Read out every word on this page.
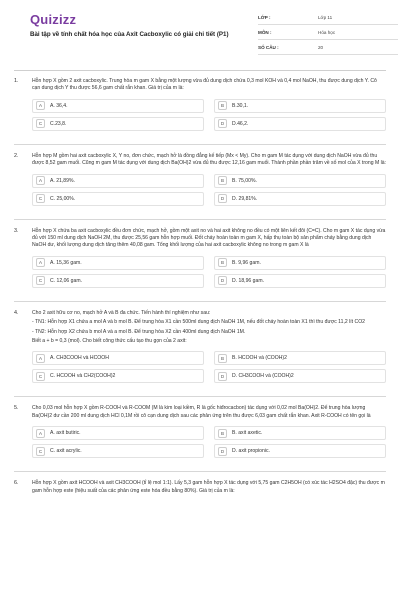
Quizizz
Bài tập về tính chất hóa học của Axit Cacboxylic có giải chi tiết (P1)
LỚP :	Lớp 11
MÔN :	Hóa học
SỐ CÂU :	20
1.	Hỗn hợp X gồm 2 axit cacboxylic. Trung hòa m gam X bằng một lượng vừa đủ dung dịch chứa 0,3 mol KOH và 0,4 mol NaOH, thu được dung dịch Y. Cô cạn dung dịch Y thu được 56,6 gam chất rắn khan. Giá trị của m là:

A	A. 36,4.	B	B.30,1.
C	C.23,8.	D	D.46,2.
2.	Hỗn hợp M gồm hai axit cacboxylic X, Y no, đơn chức, mạch hở là đồng đẳng kế tiếp (Mx < My). Cho m gam M tác dụng với dung dịch NaOH vừa đủ thu được 8,52 gam muối. Cũng m gam M tác dụng với dung dịch Ba(OH)2 vừa đủ thu được 12,16 gam muối. Thành phần phần trăm về số mol của X trong M là:

A	A. 21,89%.	B	B. 75,00%.
C	C. 25,00%.	D	D. 29,81%.
3.	Hỗn hợp X chứa ba axit cacboxylic đều đơn chức, mạch hở, gồm một axit no và hai axit không no đều có một liên kết đôi (C=C). Cho m gam X tác dụng vừa đủ với 150 ml dung dịch NaOH 2M, thu được 25,56 gam hỗn hợp muối. Đốt cháy hoàn toàn m gam X, hấp thụ toàn bộ sản phẩm cháy bằng dung dịch NaOH dư, khối lượng dung dịch tăng thêm 40,08 gam. Tổng khối lượng của hai axit cacboxylic không no trong m gam X là

A	A. 15,36 gam.	B	B. 9,96 gam.
C	C. 12,06 gam.	D	D. 18,96 gam.
4.	Cho 2 axit hữu cơ no, mạch hở A và B đa chức. Tiến hành thí nghiệm như sau:

- TN1: Hỗn hợp X1 chứa a mol A và b mol B. Để trung hòa X1 cần 500ml dung dịch NaOH 1M, nếu đốt cháy hoàn toàn X1 thì thu được 11,2 lít CO2

- TN2: Hỗn hợp X2 chứa b mol A và a mol B. Để trung hòa X2 cần 400ml dung dịch NaOH 1M.

Biết a + b = 0,3 (mol). Cho biết công thức cấu tạo thu gọn của 2 axit:

A	A. CH3COOH và HCOOH	B	B. HCOOH và (COOH)2
C	C. HCOOH và CH2(COOH)2	D	D. CH3COOH và (COOH)2
5.	Cho 0,03 mol hỗn hợp X gồm R-COOH và R-COOM (M là kim loại kiềm, R là gốc hiđrocacbon) tác dụng với 0,02 mol Ba(OH)2. Để trung hòa lượng Ba(OH)2 dư cần 200 ml dung dịch HCl 0,1M rồi cô cạn dung dịch sau các phản ứng trên thu được 6,03 gam chất rắn khan. Axit R-COOH có tên gọi là

A	A. axit butiric.	B	B. axit axetic.
C	C. axit acrylic.	D	D. axit propionic.
6.	Hỗn hợp X gồm axit HCOOH và axit CH3COOH (tỉ lệ mol 1:1). Lấy 5,3 gam hỗn hợp X tác dụng với 5,75 gam C2H5OH (có xúc tác H2SO4 đặc) thu được m gam hỗn hợp este (hiệu suất của các phản ứng este hóa đều bằng 80%). Giá trị của m là:
